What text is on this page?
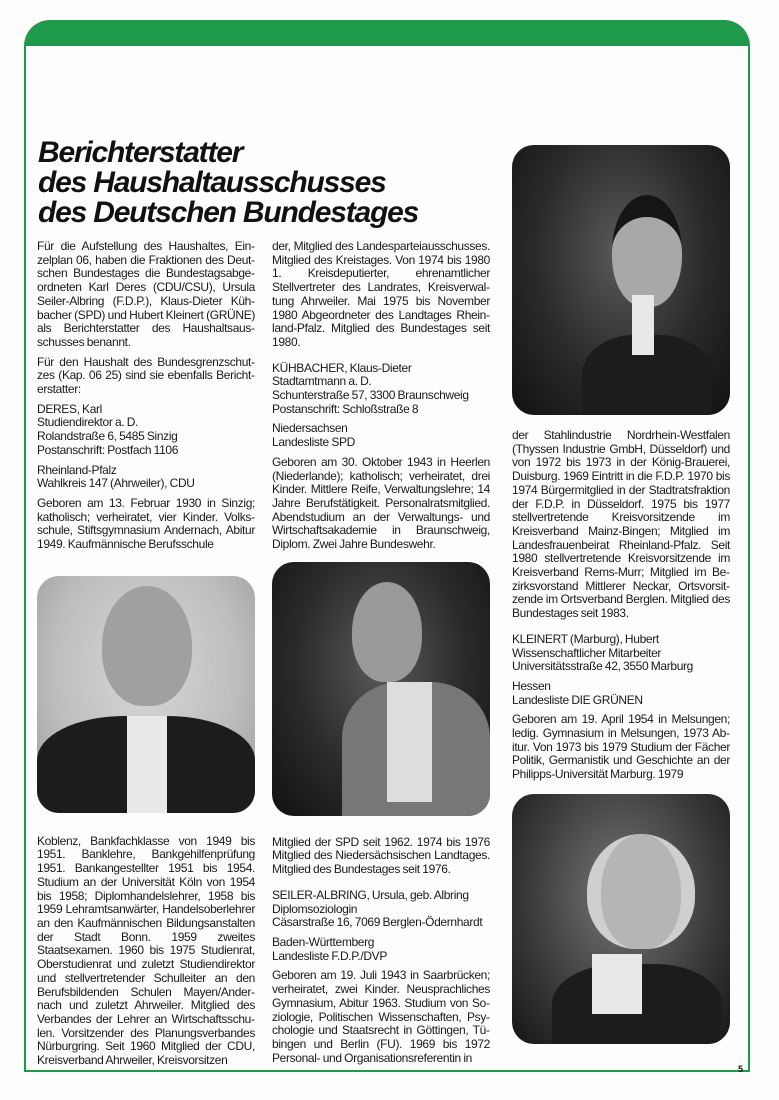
Berichterstatter
des Haushaltausschusses
des Deutschen Bundestages

Für die Aufstellung des Haushaltes, Einzelplan 06, haben die Fraktionen des Deutschen Bundestages die Bundestagsabgeordneten Karl Deres (CDU/CSU), Ursula Seiler-Albring (F.D.P.), Klaus-Dieter Kühbacher (SPD) und Hubert Kleinert (GRÜNE) als Berichterstatter des Haushaltsausschusses benannt.

Für den Haushalt des Bundesgrenzschutzes (Kap. 06 25) sind sie ebenfalls Berichterstatter:

DERES, Karl
Studiendirektor a. D.
Rolandstraße 6, 5485 Sinzig
Postanschrift: Postfach 1106

Rheinland-Pfalz
Wahlkreis 147 (Ahrweiler), CDU

Geboren am 13. Februar 1930 in Sinzig; katholisch; verheiratet, vier Kinder. Volksschule, Stiftsgymnasium Andernach, Abitur 1949. Kaufmännische Berufsschule

Koblenz, Bankfachklasse von 1949 bis 1951. Banklehre, Bankgehilfenprüfung 1951. Bankangestellter 1951 bis 1954. Studium an der Universität Köln von 1954 bis 1958; Diplomhandelslehrer, 1958 bis 1959 Lehramtsanwärter, Handelsoberlehrer an den Kaufmännischen Bildungsanstalten der Stadt Bonn. 1959 zweites Staatsexamen. 1960 bis 1975 Studienrat, Oberstudienrat und zuletzt Studiendirektor und stellvertretender Schulleiter an den Berufsbildenden Schulen Mayen/Andernach und zuletzt Ahrweiler. Mitglied des Verbandes der Lehrer an Wirtschaftsschulen. Vorsitzender des Planungsverbandes Nürburgring. Seit 1960 Mitglied der CDU, Kreisverband Ahrweiler, Kreisvorsitzen

der, Mitglied des Landesparteiausschusses. Mitglied des Kreistages. Von 1974 bis 1980 1. Kreisdeputierter, ehrenamtlicher Stellvertreter des Landrates, Kreisverwaltung Ahrweiler. Mai 1975 bis November 1980 Abgeordneter des Landtages Rheinland-Pfalz. Mitglied des Bundestages seit 1980.

KÜHBACHER, Klaus-Dieter
Stadtamtmann a. D.
Schunterstraße 57, 3300 Braunschweig
Postanschrift: Schloßstraße 8

Niedersachsen
Landesliste SPD

Geboren am 30. Oktober 1943 in Heerlen (Niederlande); katholisch; verheiratet, drei Kinder. Mittlere Reife, Verwaltungslehre; 14 Jahre Berufstätigkeit. Personalratsmitglied. Abendstudium an der Verwaltungs- und Wirtschaftsakademie in Braunschweig, Diplom. Zwei Jahre Bundeswehr.

Mitglied der SPD seit 1962. 1974 bis 1976 Mitglied des Niedersächsischen Landtages. Mitglied des Bundestages seit 1976.

SEILER-ALBRING, Ursula, geb. Albring
Diplomsoziologin
Cäsarstraße 16, 7069 Berglen-Ödernhardt

Baden-Württemberg
Landesliste F.D.P./DVP

Geboren am 19. Juli 1943 in Saarbrücken; verheiratet, zwei Kinder. Neusprachliches Gymnasium, Abitur 1963. Studium von Soziologie, Politischen Wissenschaften, Psychologie und Staatsrecht in Göttingen, Tübingen und Berlin (FU). 1969 bis 1972 Personal- und Organisationsreferentin in

der Stahlindustrie Nordrhein-Westfalen (Thyssen Industrie GmbH, Düsseldorf) und von 1972 bis 1973 in der König-Brauerei, Duisburg. 1969 Eintritt in die F.D.P. 1970 bis 1974 Bürgermitglied in der Stadtratsfraktion der F.D.P. in Düsseldorf. 1975 bis 1977 stellvertretende Kreisvorsitzende im Kreisverband Mainz-Bingen; Mitglied im Landesfrauenbeirat Rheinland-Pfalz. Seit 1980 stellvertretende Kreisvorsitzende im Kreisverband Rems-Murr; Mitglied im Bezirksvorstand Mittlerer Neckar, Ortsvorsitzende im Ortsverband Berglen. Mitglied des Bundestages seit 1983.

KLEINERT (Marburg), Hubert
Wissenschaftlicher Mitarbeiter
Universitätsstraße 42, 3550 Marburg

Hessen
Landesliste DIE GRÜNEN

Geboren am 19. April 1954 in Melsungen; ledig. Gymnasium in Melsungen, 1973 Abitur. Von 1973 bis 1979 Studium der Fächer Politik, Germanistik und Geschichte an der Philipps-Universität Marburg. 1979

5
